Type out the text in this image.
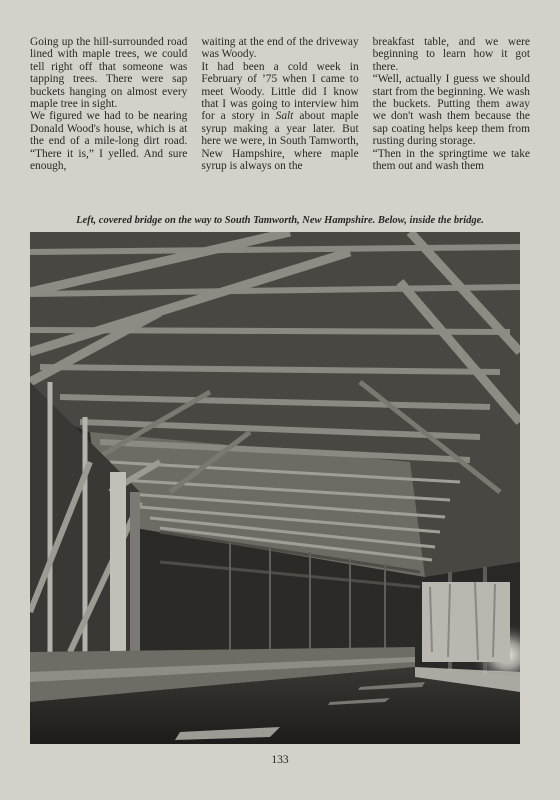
Going up the hill-surrounded road lined with maple trees, we could tell right off that someone was tapping trees. There were sap buckets hanging on almost every maple tree in sight.

We figured we had to be nearing Donald Wood's house, which is at the end of a mile-long dirt road. “There it is,” I yelled. And sure enough,

waiting at the end of the driveway was Woody.

It had been a cold week in February of ’75 when I came to meet Woody. Little did I know that I was going to interview him for a story in Salt about maple syrup making a year later. But here we were, in South Tamworth, New Hampshire, where maple syrup is always on the

breakfast table, and we were beginning to learn how it got there.

“Well, actually I guess we should start from the beginning. We wash the buckets. Putting them away we don't wash them because the sap coating helps keep them from rusting during storage.

“Then in the springtime we take them out and wash them

Left, covered bridge on the way to South Tamworth, New Hampshire. Below, inside the bridge.
133
